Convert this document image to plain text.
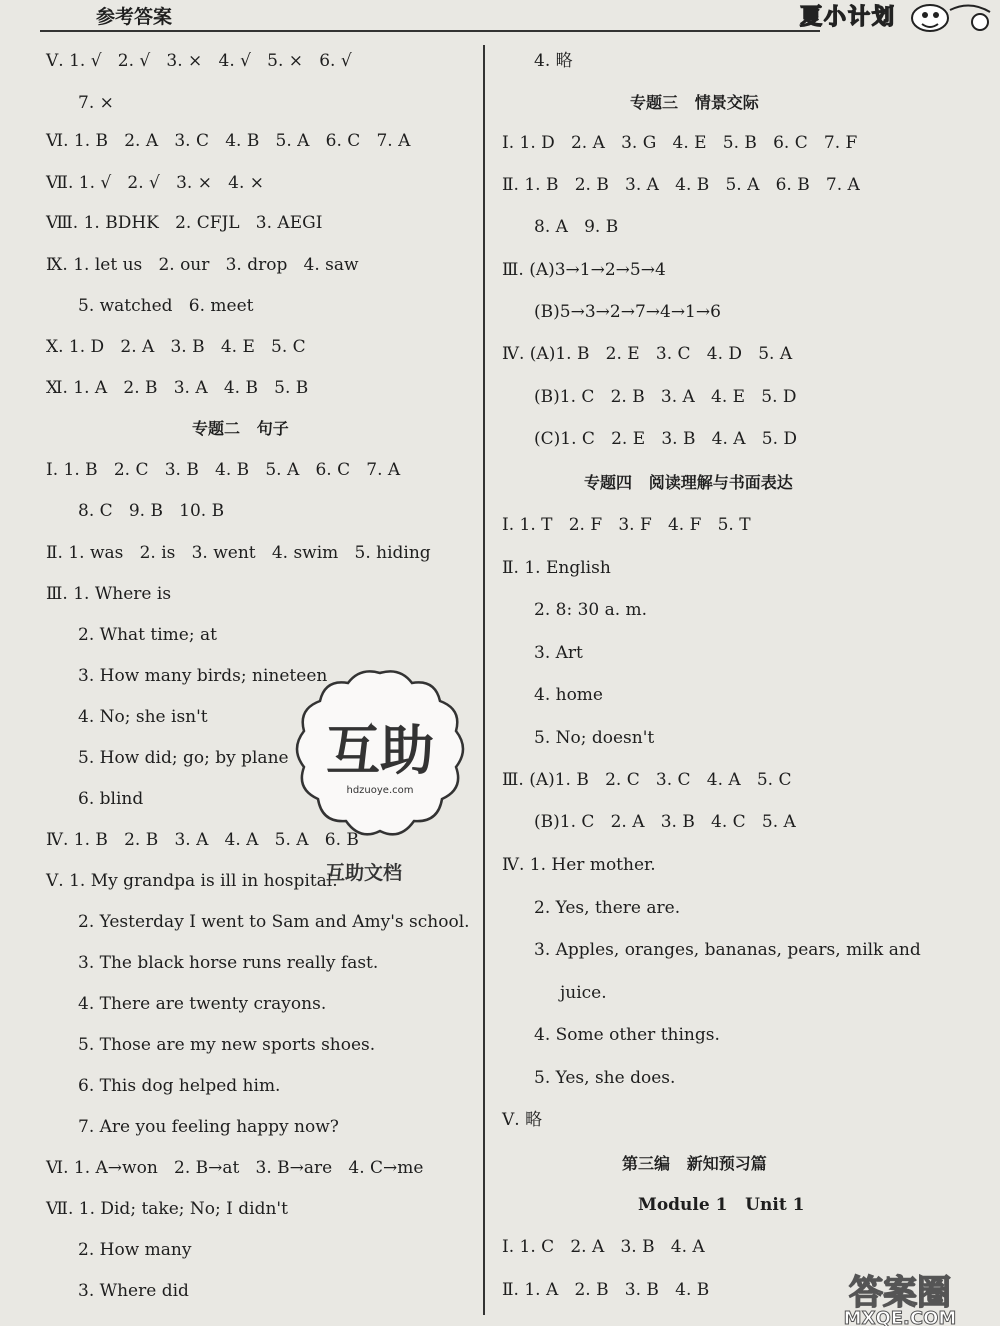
参考答案	夏小计划
Ⅴ. 1. √   2. √   3. ×   4. √   5. ×   6. √
7. ×
Ⅵ. 1. B   2. A   3. C   4. B   5. A   6. C   7. A
Ⅶ. 1. √   2. √   3. ×   4. ×
Ⅷ. 1. BDHK   2. CFJL   3. AEGI
Ⅸ. 1. let us   2. our   3. drop   4. saw
5. watched   6. meet
Ⅹ. 1. D   2. A   3. B   4. E   5. C
Ⅺ. 1. A   2. B   3. A   4. B   5. B
专题二   句子
Ⅰ. 1. B   2. C   3. B   4. B   5. A   6. C   7. A
8. C   9. B   10. B
Ⅱ. 1. was   2. is   3. went   4. swim   5. hiding
Ⅲ. 1. Where is
2. What time; at
3. How many birds; nineteen
4. No; she isn't
5. How did; go; by plane
6. blind
Ⅳ. 1. B   2. B   3. A   4. A   5. A   6. B
Ⅴ. 1. My grandpa is ill in hospital.
2. Yesterday I went to Sam and Amy's school.
3. The black horse runs really fast.
4. There are twenty crayons.
5. Those are my new sports shoes.
6. This dog helped him.
7. Are you feeling happy now?
Ⅵ. 1. A→won   2. B→at   3. B→are   4. C→me
Ⅶ. 1. Did; take; No; I didn't
2. How many
3. Where did
4. 略
专题三   情景交际
Ⅰ. 1. D   2. A   3. G   4. E   5. B   6. C   7. F
Ⅱ. 1. B   2. B   3. A   4. B   5. A   6. B   7. A
8. A   9. B
Ⅲ. (A)3→1→2→5→4
(B)5→3→2→7→4→1→6
Ⅳ. (A)1. B   2. E   3. C   4. D   5. A
(B)1. C   2. B   3. A   4. E   5. D
(C)1. C   2. E   3. B   4. A   5. D
专题四   阅读理解与书面表达
Ⅰ. 1. T   2. F   3. F   4. F   5. T
Ⅱ. 1. English
2. 8: 30 a. m.
3. Art
4. home
5. No; doesn't
Ⅲ. (A)1. B   2. C   3. C   4. A   5. C
(B)1. C   2. A   3. B   4. C   5. A
Ⅳ. 1. Her mother.
2. Yes, there are.
3. Apples, oranges, bananas, pears, milk and
juice.
4. Some other things.
5. Yes, she does.
Ⅴ. 略
第三编   新知预习篇
Module 1   Unit 1
Ⅰ. 1. C   2. A   3. B   4. A
Ⅱ. 1. A   2. B   3. B   4. B
互助
hdzuoye.com
互助文档
答案圈
MXQE.COM
